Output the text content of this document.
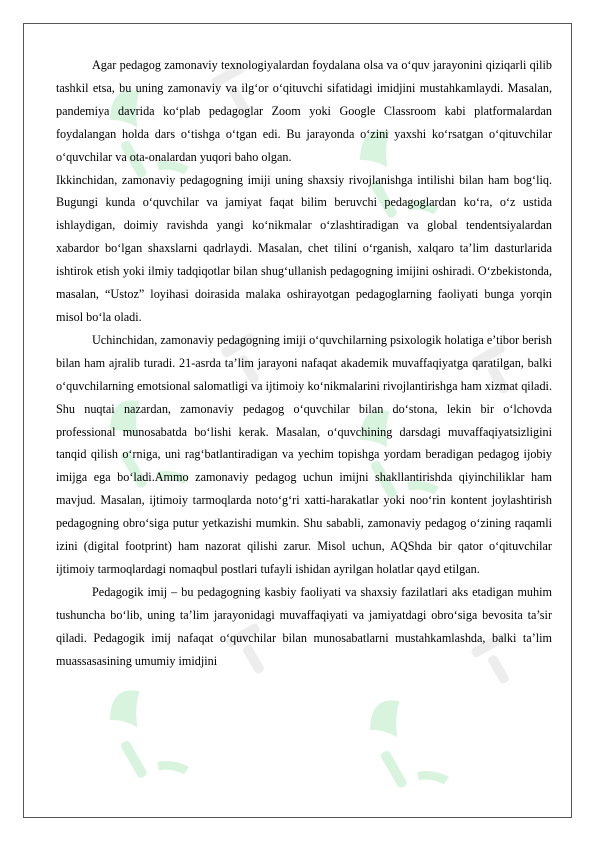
Agar pedagog zamonaviy texnologiyalardan foydalana olsa va o‘quv jarayonini qiziqarli qilib tashkil etsa, bu uning zamonaviy va ilg‘or o‘qituvchi sifatidagi imidjini mustahkamlaydi. Masalan, pandemiya davrida ko‘plab pedagoglar Zoom yoki Google Classroom kabi platformalardan foydalangan holda dars o‘tishga o‘tgan edi. Bu jarayonda o‘zini yaxshi ko‘rsatgan o‘qituvchilar o‘quvchilar va ota-onalardan yuqori baho olgan.

Ikkinchidan, zamonaviy pedagogning imiji uning shaxsiy rivojlanishga intilishi bilan ham bog‘liq. Bugungi kunda o‘quvchilar va jamiyat faqat bilim beruvchi pedagoglardan ko‘ra, o‘z ustida ishlaydigan, doimiy ravishda yangi ko‘nikmalar o‘zlashtiradigan va global tendentsiyalardan xabardor bo‘lgan shaxslarni qadrlaydi. Masalan, chet tilini o‘rganish, xalqaro ta’lim dasturlarida ishtirok etish yoki ilmiy tadqiqotlar bilan shug‘ullanish pedagogning imijini oshiradi. O‘zbekistonda, masalan, “Ustoz” loyihasi doirasida malaka oshirayotgan pedagoglarning faoliyati bunga yorqin misol bo‘la oladi.

Uchinchidan, zamonaviy pedagogning imiji o‘quvchilarning psixologik holatiga e’tibor berish bilan ham ajralib turadi. 21-asrda ta’lim jarayoni nafaqat akademik muvaffaqiyatga qaratilgan, balki o‘quvchilarning emotsional salomatligi va ijtimoiy ko‘nikmalarini rivojlantirishga ham xizmat qiladi. Shu nuqtai nazardan, zamonaviy pedagog o‘quvchilar bilan do‘stona, lekin bir o‘lchovda professional munosabatda bo‘lishi kerak. Masalan, o‘quvchining darsdagi muvaffaqiyatsizligini tanqid qilish o‘rniga, uni rag‘batlantiradigan va yechim topishga yordam beradigan pedagog ijobiy imijga ega bo‘ladi.Ammo zamonaviy pedagog uchun imijni shakllantirishda qiyinchiliklar ham mavjud. Masalan, ijtimoiy tarmoqlarda noto‘g‘ri xatti-harakatlar yoki noo‘rin kontent joylashtirish pedagogning obro‘siga putur yetkazishi mumkin. Shu sababli, zamonaviy pedagog o‘zining raqamli izini (digital footprint) ham nazorat qilishi zarur. Misol uchun, AQShda bir qator o‘qituvchilar ijtimoiy tarmoqlardagi nomaqbul postlari tufayli ishidan ayrilgan holatlar qayd etilgan.

Pedagogik imij – bu pedagogning kasbiy faoliyati va shaxsiy fazilatlari aks etadigan muhim tushuncha bo‘lib, uning ta’lim jarayonidagi muvaffaqiyati va jamiyatdagi obro‘siga bevosita ta’sir qiladi. Pedagogik imij nafaqat o‘quvchilar bilan munosabatlarni mustahkamlashda, balki ta’lim muassasasining umumiy imidjini
